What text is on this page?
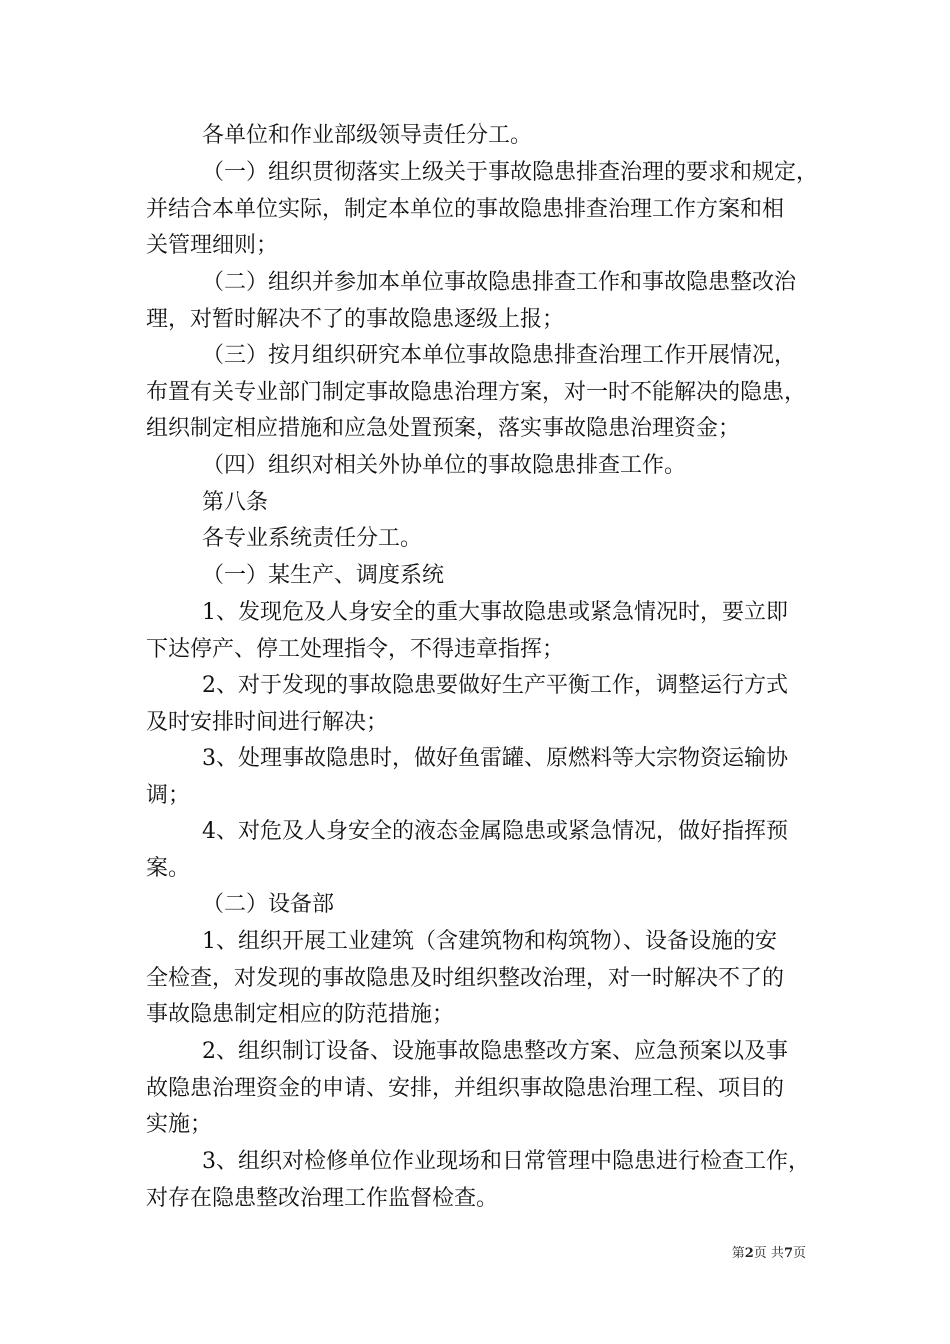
各单位和作业部级领导责任分工。
（一）组织贯彻落实上级关于事故隐患排查治理的要求和规定，
并结合本单位实际，制定本单位的事故隐患排查治理工作方案和相
关管理细则；
（二）组织并参加本单位事故隐患排查工作和事故隐患整改治
理，对暂时解决不了的事故隐患逐级上报；
（三）按月组织研究本单位事故隐患排查治理工作开展情况，
布置有关专业部门制定事故隐患治理方案，对一时不能解决的隐患，
组织制定相应措施和应急处置预案，落实事故隐患治理资金；
（四）组织对相关外协单位的事故隐患排查工作。
第八条
各专业系统责任分工。
（一）某生产、调度系统
1、发现危及人身安全的重大事故隐患或紧急情况时，要立即
下达停产、停工处理指令，不得违章指挥；
2、对于发现的事故隐患要做好生产平衡工作，调整运行方式
及时安排时间进行解决；
3、处理事故隐患时，做好鱼雷罐、原燃料等大宗物资运输协
调；
4、对危及人身安全的液态金属隐患或紧急情况，做好指挥预
案。
（二）设备部
1、组织开展工业建筑（含建筑物和构筑物）、设备设施的安
全检查，对发现的事故隐患及时组织整改治理，对一时解决不了的
事故隐患制定相应的防范措施；
2、组织制订设备、设施事故隐患整改方案、应急预案以及事
故隐患治理资金的申请、安排，并组织事故隐患治理工程、项目的
实施；
3、组织对检修单位作业现场和日常管理中隐患进行检查工作，
对存在隐患整改治理工作监督检查。
第2页 共7页
